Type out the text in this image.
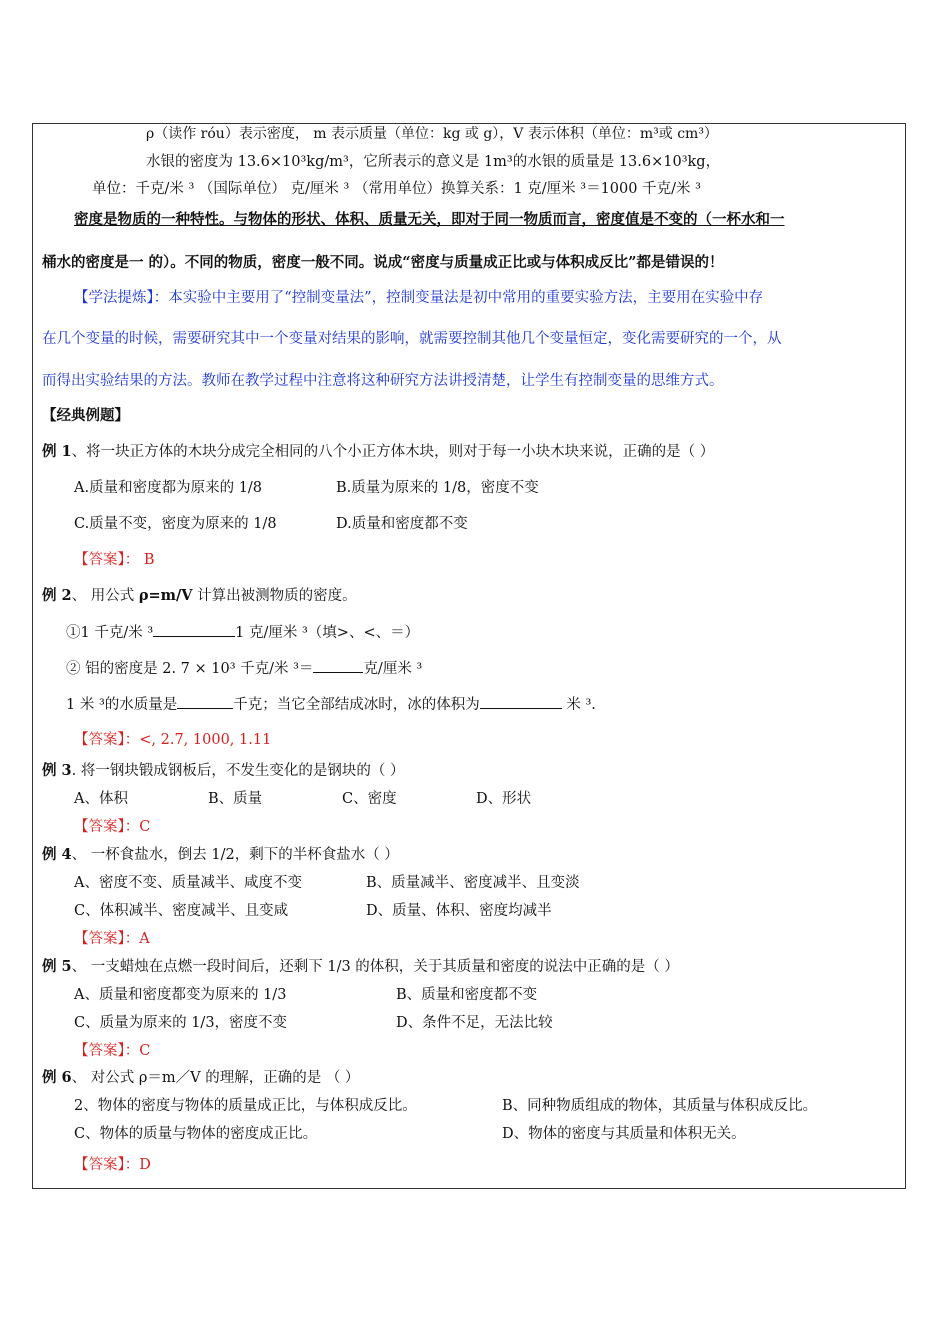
ρ（读作 róu）表示密度， m 表示质量（单位：kg 或 g），V 表示体积（单位：m³或 cm³）
水银的密度为 13.6×10³kg/m³，它所表示的意义是 1m³的水银的质量是 13.6×10³kg，
单位：千克/米 ³ （国际单位） 克/厘米 ³ （常用单位）换算关系：1 克/厘米 ³＝1000 千克/米 ³
密度是物质的一种特性。与物体的形状、体积、质量无关，即对于同一物质而言，密度值是不变的（一杯水和一
桶水的密度是一 的）。不同的物质，密度一般不同。说成“密度与质量成正比或与体积成反比”都是错误的！
【学法提炼】：本实验中主要用了“控制变量法”，控制变量法是初中常用的重要实验方法，主要用在实验中存
在几个变量的时候，需要研究其中一个变量对结果的影响，就需要控制其他几个变量恒定，变化需要研究的一个，从
而得出实验结果的方法。教师在教学过程中注意将这种研究方法讲授清楚，让学生有控制变量的思维方式。
【经典例题】
例 1、将一块正方体的木块分成完全相同的八个小正方体木块，则对于每一小块木块来说，正确的是（ ）
A.质量和密度都为原来的 1/8	B.质量为原来的 1/8，密度不变
C.质量不变，密度为原来的 1/8	D.质量和密度都不变
【答案】： B
例 2、 用公式 ρ=m/V 计算出被测物质的密度。
①1 千克/米 ³	1 克/厘米 ³（填>、<、＝）
② 铝的密度是 2. 7 × 10³ 千克/米 ³＝	克/厘米 ³
1 米 ³的水质量是	千克；当它全部结成冰时，冰的体积为	米 ³.
【答案】：<, 2.7, 1000, 1.11
例 3. 将一钢块锻成钢板后，不发生变化的是钢块的（ ）
A、体积	B、质量	C、密度	D、形状
【答案】：C
例 4、 一杯食盐水，倒去 1/2，剩下的半杯食盐水（ ）
A、密度不变、质量减半、咸度不变	B、质量减半、密度减半、且变淡
C、体积减半、密度减半、且变咸	D、质量、体积、密度均减半
【答案】：A
例 5、 一支蜡烛在点燃一段时间后，还剩下 1/3 的体积，关于其质量和密度的说法中正确的是（ ）
A、质量和密度都变为原来的 1/3	B、质量和密度都不变
C、质量为原来的 1/3，密度不变	D、条件不足，无法比较
【答案】：C
例 6、 对公式 ρ＝m／V 的理解，正确的是 （ ）
2、物体的密度与物体的质量成正比，与体积成反比。	B、同种物质组成的物体，其质量与体积成反比。
C、物体的质量与物体的密度成正比。	D、物体的密度与其质量和体积无关。
【答案】：D
